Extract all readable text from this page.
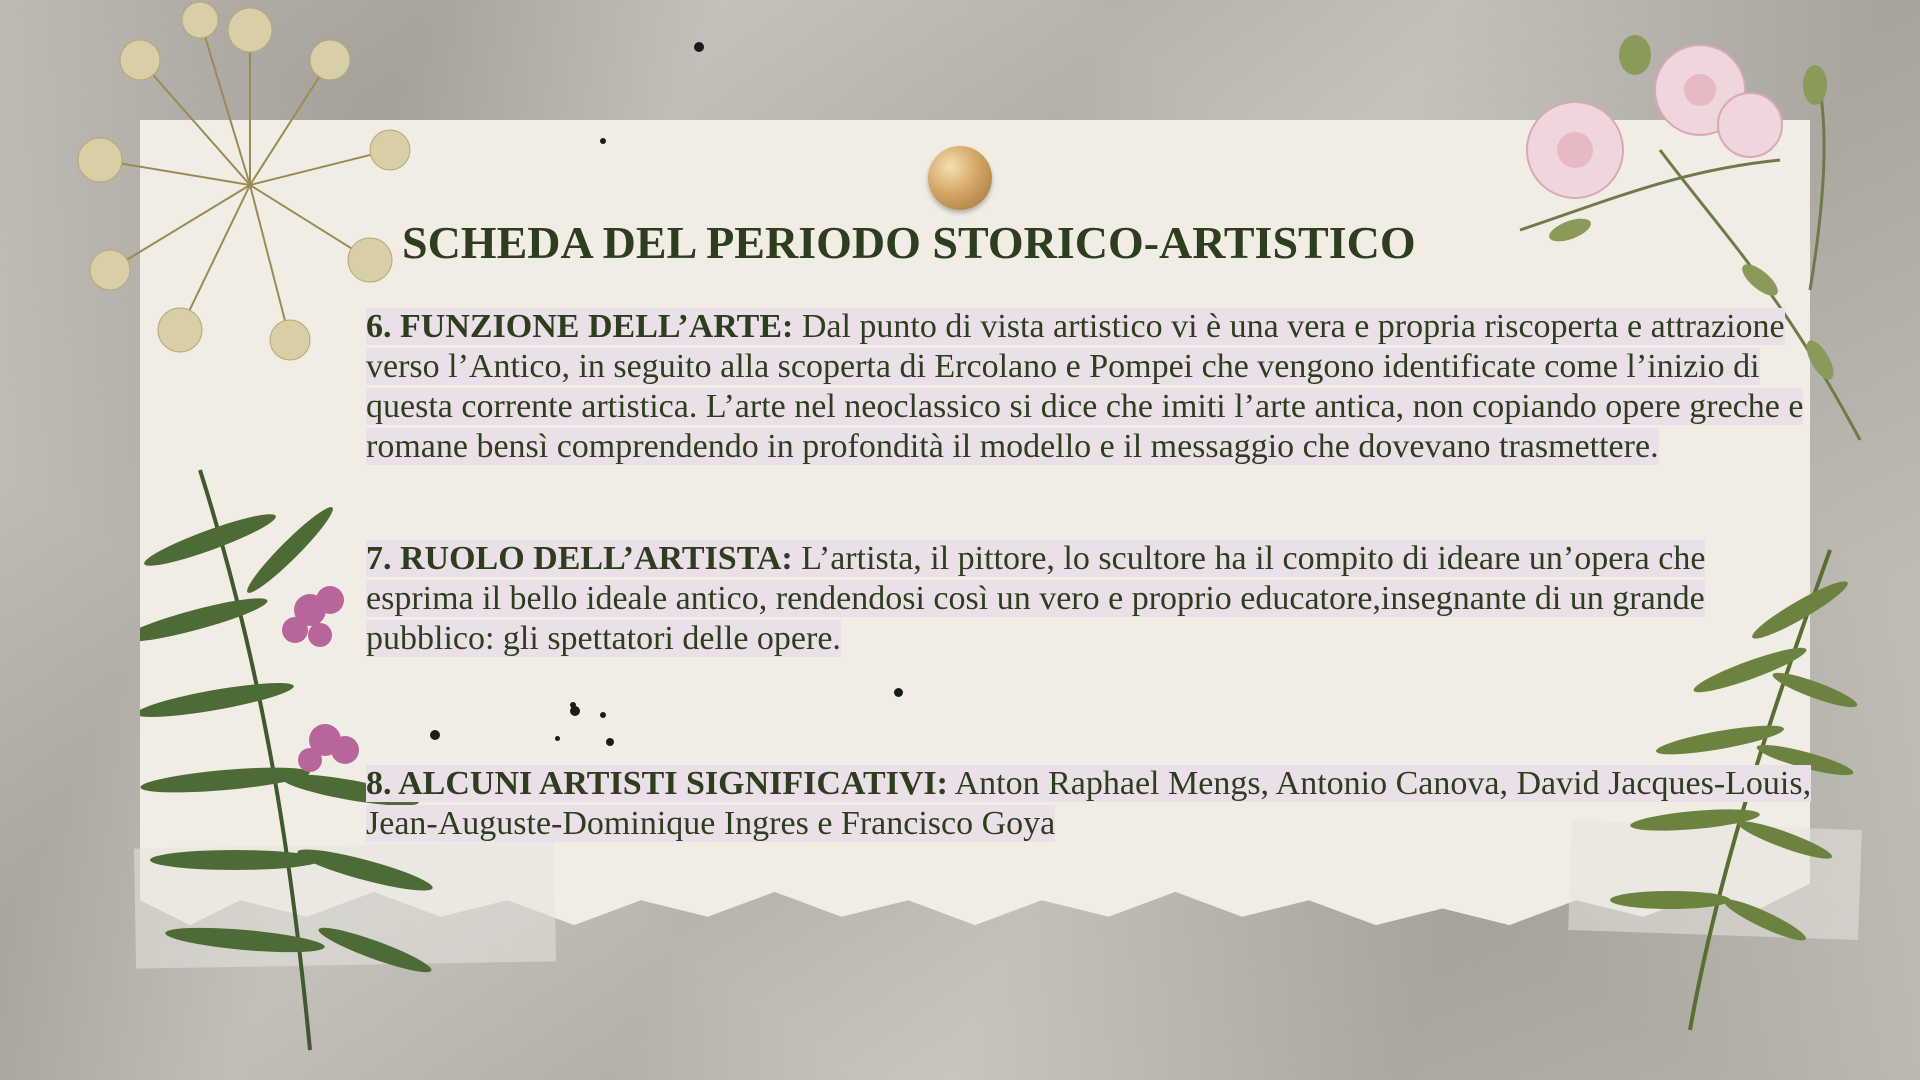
SCHEDA DEL PERIODO STORICO-ARTISTICO

6. FUNZIONE DELL’ARTE: Dal punto di vista artistico vi è una vera e propria riscoperta e attrazione verso l’Antico, in seguito alla scoperta di Ercolano e Pompei che vengono identificate come l’inizio di questa corrente artistica. L’arte nel neoclassico si dice che imiti l’arte antica, non copiando opere greche e romane bensì comprendendo in profondità il modello e il messaggio che dovevano trasmettere.

7. RUOLO DELL’ARTISTA: L’artista, il pittore, lo scultore ha il compito di ideare un’opera che esprima il bello ideale antico, rendendosi così un vero e proprio educatore,insegnante di un grande pubblico: gli spettatori delle opere.

8. ALCUNI ARTISTI SIGNIFICATIVI: Anton Raphael Mengs, Antonio Canova, David Jacques-Louis, Jean-Auguste-Dominique Ingres e Francisco Goya
